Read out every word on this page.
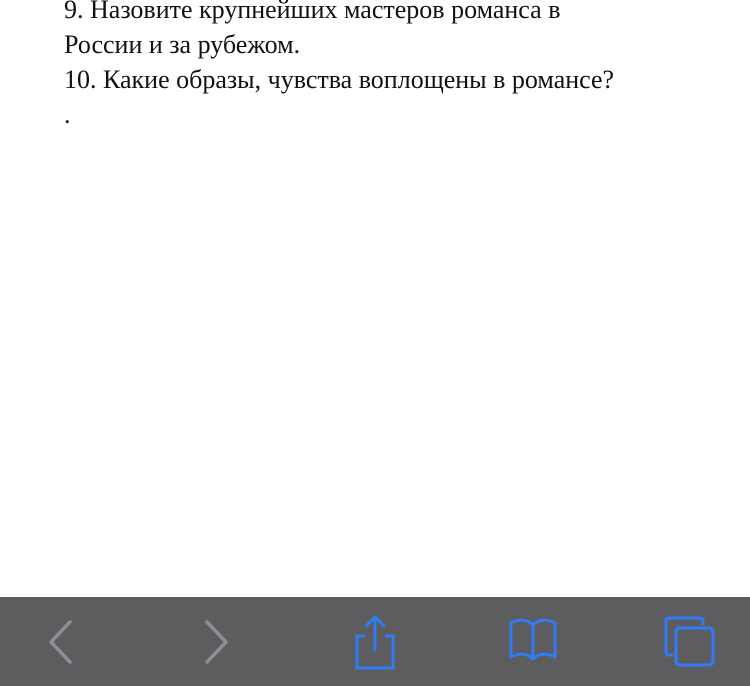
9. Назовите крупнейших мастеров романса в

России и за рубежом.

10. Какие образы, чувства воплощены в романсе?

.
